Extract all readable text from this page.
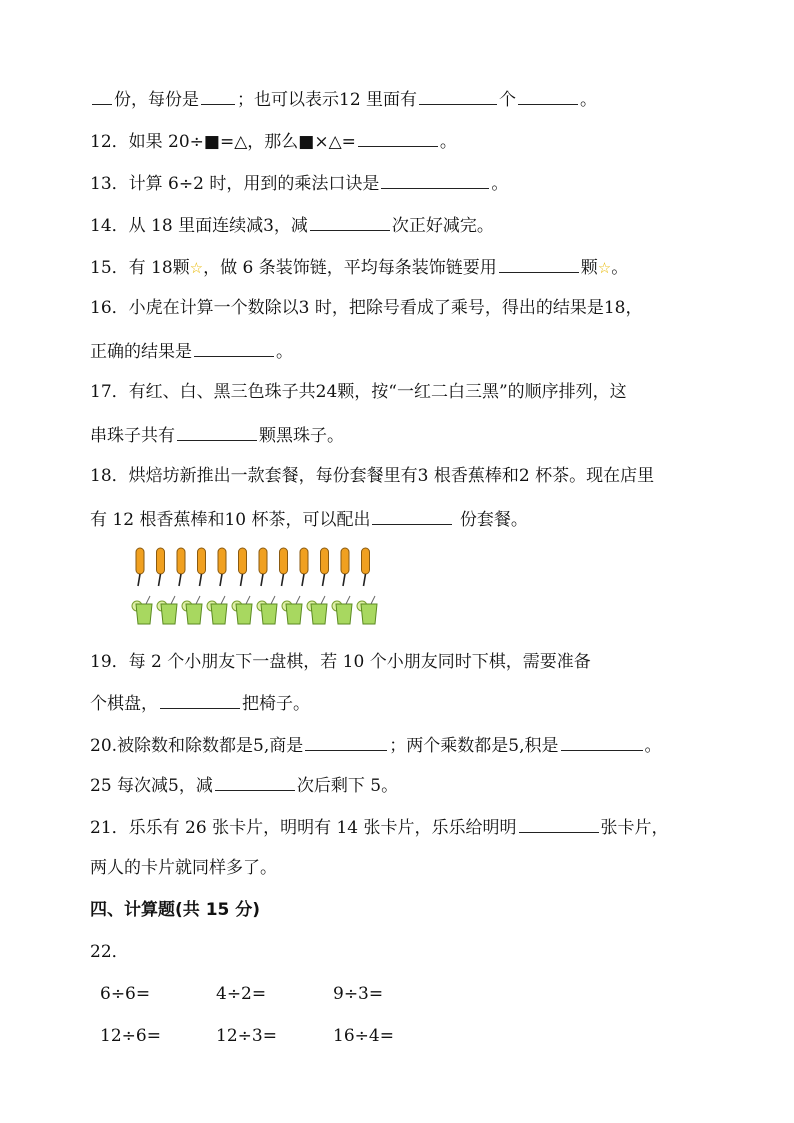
份，每份是 ；也可以表示12 里面有	个	。
12．如果 20÷■=△，那么■×△=	。
13．计算 6÷2 时，用到的乘法口诀是	。
14．从 18 里面连续减3，减	次正好减完。
15．有 18颗☆，做 6 条装饰链，平均每条装饰链要用	颗☆。
16．小虎在计算一个数除以3 时，把除号看成了乘号，得出的结果是18，
正确的结果是	。
17．有红、白、黑三色珠子共24颗，按“一红二白三黑”的顺序排列，这
串珠子共有	颗黑珠子。
18．烘焙坊新推出一款套餐，每份套餐里有3 根香蕉棒和2 杯茶。现在店里
有 12 根香蕉棒和10 杯茶，可以配出	份套餐。
19．每 2 个小朋友下一盘棋，若 10 个小朋友同时下棋，需要准备
个棋盘，	把椅子。
20.被除数和除数都是5,商是	；两个乘数都是5,积是	。
25 每次减5，减	次后剩下 5。
21．乐乐有 26 张卡片，明明有 14 张卡片，乐乐给明明	张卡片，
两人的卡片就同样多了。
四、计算题(共 15 分)
22．
6÷6=	4÷2=	9÷3=
12÷6=	12÷3=	16÷4=
